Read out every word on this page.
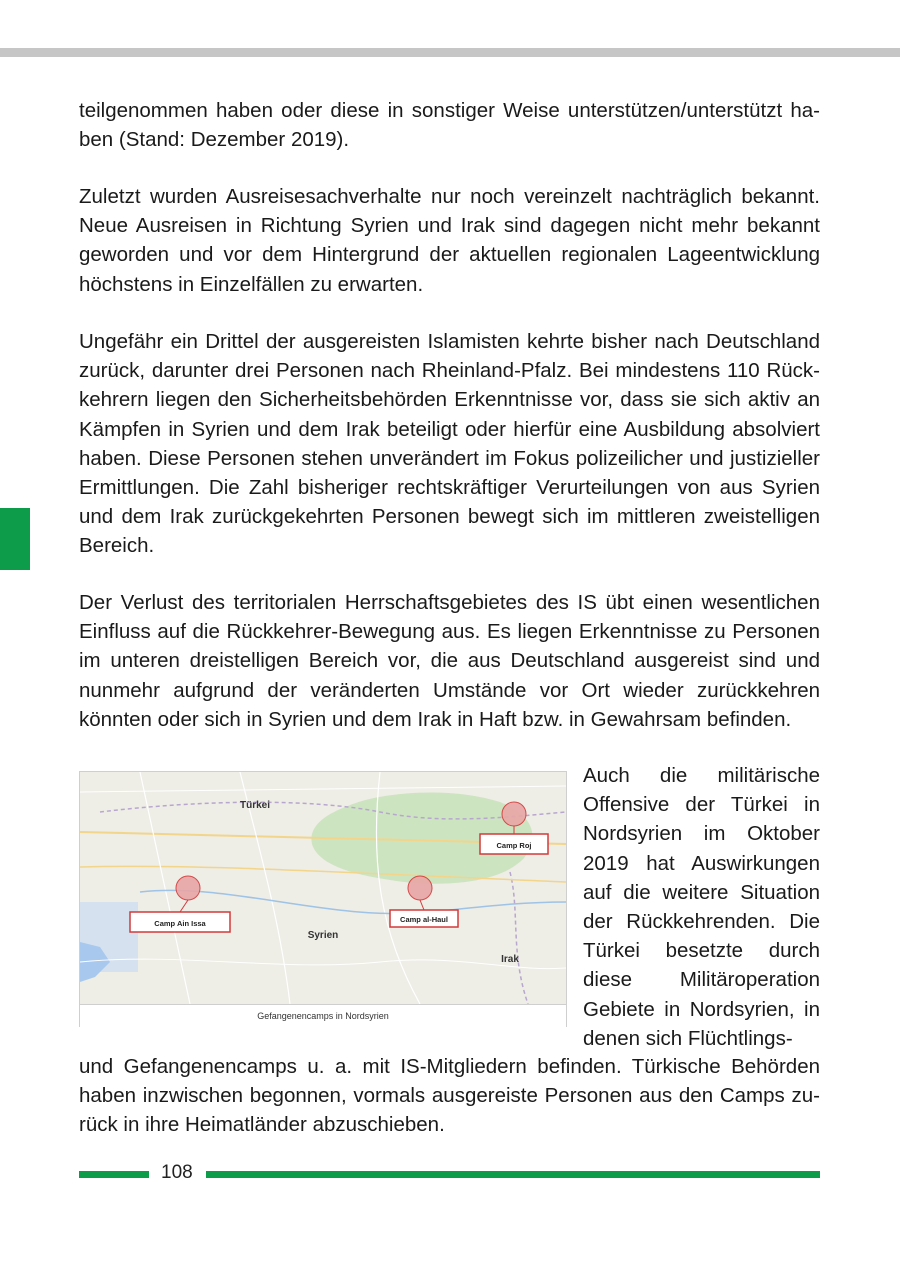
teilgenommen haben oder diese in sonstiger Weise unterstützen/unterstützt haben (Stand: Dezember 2019).

Zuletzt wurden Ausreisesachverhalte nur noch vereinzelt nachträglich bekannt. Neue Ausreisen in Richtung Syrien und Irak sind dagegen nicht mehr bekannt geworden und vor dem Hintergrund der aktuellen regionalen Lageentwicklung höchstens in Einzelfällen zu erwarten.

Ungefähr ein Drittel der ausgereisten Islamisten kehrte bisher nach Deutschland zurück, darunter drei Personen nach Rheinland-Pfalz. Bei mindestens 110 Rückkehrern liegen den Sicherheitsbehörden Erkenntnisse vor, dass sie sich aktiv an Kämpfen in Syrien und dem Irak beteiligt oder hierfür eine Ausbildung absolviert haben. Diese Personen stehen unverändert im Fokus polizeilicher und justizieller Ermittlungen. Die Zahl bisheriger rechtskräftiger Verurteilungen von aus Syrien und dem Irak zurückgekehrten Personen bewegt sich im mittleren zweistelligen Bereich.

Der Verlust des territorialen Herrschaftsgebietes des IS übt einen wesentlichen Einfluss auf die Rückkehrer-Bewegung aus. Es liegen Erkenntnisse zu Personen im unteren dreistelligen Bereich vor, die aus Deutschland ausgereist sind und nunmehr aufgrund der veränderten Umstände vor Ort wieder zurückkehren könnten oder sich in Syrien und dem Irak in Haft bzw. in Gewahrsam befinden.

Camp Ain Issa	Camp al-Haul
Camp Roj
Türkei
Syrien
Irak
Gefangenencamps in Nordsyrien

Auch die militärische Offensive der Türkei in Nordsyrien im Oktober 2019 hat Auswirkungen auf die weitere Situation der Rückkehrenden. Die Türkei besetzte durch diese Militäroperation Gebiete in Nordsyrien, in denen sich Flüchtlings-

und Gefangenencamps u. a. mit IS-Mitgliedern befinden. Türkische Behörden haben inzwischen begonnen, vormals ausgereiste Personen aus den Camps zurück in ihre Heimatländer abzuschieben.

108
